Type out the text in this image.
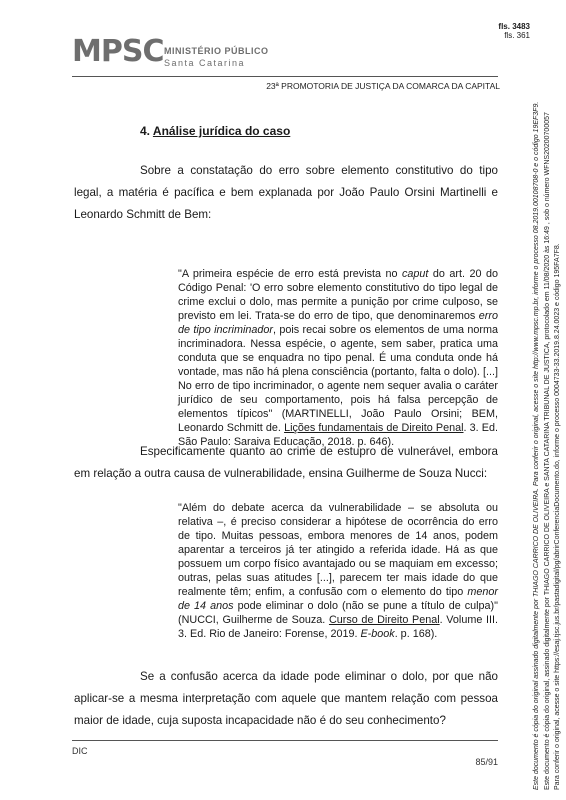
fls. 3483
fls. 361
MPSC MINISTÉRIO PÚBLICO
Santa Catarina
23ª PROMOTORIA DE JUSTIÇA DA COMARCA DA CAPITAL
4. Análise jurídica do caso
Sobre a constatação do erro sobre elemento constitutivo do tipo legal, a matéria é pacífica e bem explanada por João Paulo Orsini Martinelli e Leonardo Schmitt de Bem:
"A primeira espécie de erro está prevista no caput do art. 20 do Código Penal: 'O erro sobre elemento constitutivo do tipo legal de crime exclui o dolo, mas permite a punição por crime culposo, se previsto em lei. Trata-se do erro de tipo, que denominaremos erro de tipo incriminador, pois recai sobre os elementos de uma norma incriminadora. Nessa espécie, o agente, sem saber, pratica uma conduta que se enquadra no tipo penal. É uma conduta onde há vontade, mas não há plena consciência (portanto, falta o dolo). [...] No erro de tipo incriminador, o agente nem sequer avalia o caráter jurídico de seu comportamento, pois há falsa percepção de elementos típicos" (MARTINELLI, João Paulo Orsini; BEM, Leonardo Schmitt de. Lições fundamentais de Direito Penal. 3. Ed. São Paulo: Saraiva Educação, 2018. p. 646).
Especificamente quanto ao crime de estupro de vulnerável, embora em relação a outra causa de vulnerabilidade, ensina Guilherme de Souza Nucci:
"Além do debate acerca da vulnerabilidade – se absoluta ou relativa –, é preciso considerar a hipótese de ocorrência do erro de tipo. Muitas pessoas, embora menores de 14 anos, podem aparentar a terceiros já ter atingido a referida idade. Há as que possuem um corpo físico avantajado ou se maquiam em excesso; outras, pelas suas atitudes [...], parecem ter mais idade do que realmente têm; enfim, a confusão com o elemento do tipo menor de 14 anos pode eliminar o dolo (não se pune a título de culpa)" (NUCCI, Guilherme de Souza. Curso de Direito Penal. Volume III. 3. Ed. Rio de Janeiro: Forense, 2019. E-book. p. 168).
Se a confusão acerca da idade pode eliminar o dolo, por que não aplicar-se a mesma interpretação com aquele que mantem relação com pessoa maior de idade, cuja suposta incapacidade não é do seu conhecimento?
DIC
85/91	Este documento é cópia do original assinado digitalmente por THIAGO CARRICO DE OLIVEIRA. Para conferir o original, acesse o site http://www.mpsc.mp.br, informe o processo 08.2019.00108708-0 e o código 19EF3F9. Este documento é cópia do original, assinado digitalmente por THIAGO CARRICO DE OLIVEIRA e SANTA CATARINA TRIBUNAL DE JUSTICA, protocolado em 11/08/2020 às 16:49 , sob o número WFNS20200700057 Para conferir o original, acesse o site https://esaj.tjsc.jus.br/pastadigital/pg/abrirConferenciaDocumento.do, informe o processo 0004733-33.2019.8.24.0023 e código 195FA7F8.
